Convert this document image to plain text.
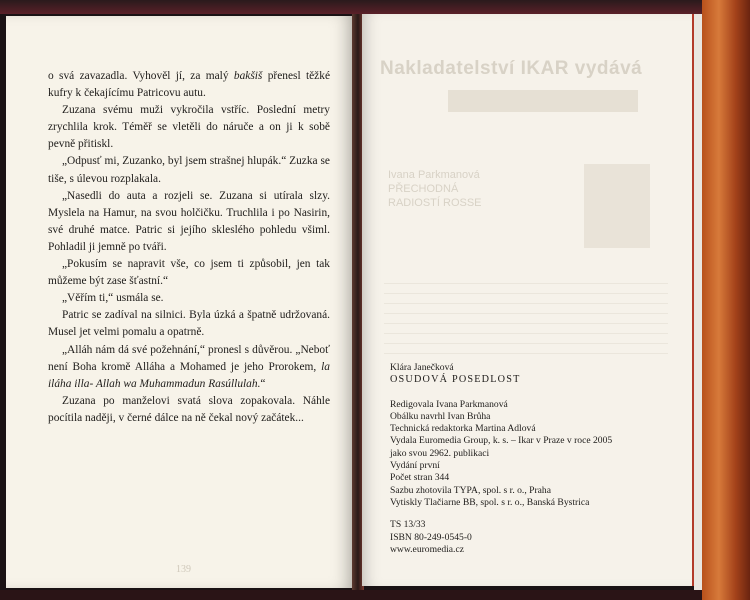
o svá zavazadla. Vyhověl jí, za malý bakšiš přenesl těžké kufry k čekajícímu Patricovu autu.

Zuzana svému muži vykročila vstříc. Poslední metry zrychlila krok. Téměř se vletěli do náruče a on ji k sobě pevně přitiskl.

„Odpusť mi, Zuzanko, byl jsem strašnej hlupák.“ Zuzka se tiše, s úlevou rozplakala.

„Nasedli do auta a rozjeli se. Zuzana si utírala slzy. Myslela na Hamur, na svou holčičku. Truchlila i po Nasirin, své druhé matce. Patric si jejího skleslého pohledu všiml. Pohladil ji jemně po tváři.

„Pokusím se napravit vše, co jsem ti způsobil, jen tak můžeme být zase šťastní.“

„Věřím ti,“ usmála se.

Patric se zadíval na silnici. Byla úzká a špatně udržovaná. Musel jet velmi pomalu a opatrně.

„Alláh nám dá své požehnání,“ pronesl s důvěrou. „Neboť není Boha kromě Alláha a Mohamed je jeho Prorokem, la iláha illa- Allah wa Muhammadun Rasúllulah.“

Zuzana po manželovi svatá slova zopakovala. Náhle pocítila naději, v černé dálce na ně čekal nový začátek...

139
Nakladatelství IKAR vydává
Ivana Parkmanová
PŘECHODNÁ
RADIOSTÍ ROSSE
Klára Janečková
OSUDOVÁ POSEDLOST
Redigovala Ivana Parkmanová
Obálku navrhl Ivan Brůha
Technická redaktorka Martina Adlová
Vydala Euromedia Group, k. s. – Ikar v Praze v roce 2005
jako svou 2962. publikaci
Vydání první
Počet stran 344
Sazbu zhotovila TYPA, spol. s r. o., Praha
Vytiskly Tlačiarne BB, spol. s r. o., Banská Bystrica
TS 13/33
ISBN 80-249-0545-0
www.euromedia.cz
